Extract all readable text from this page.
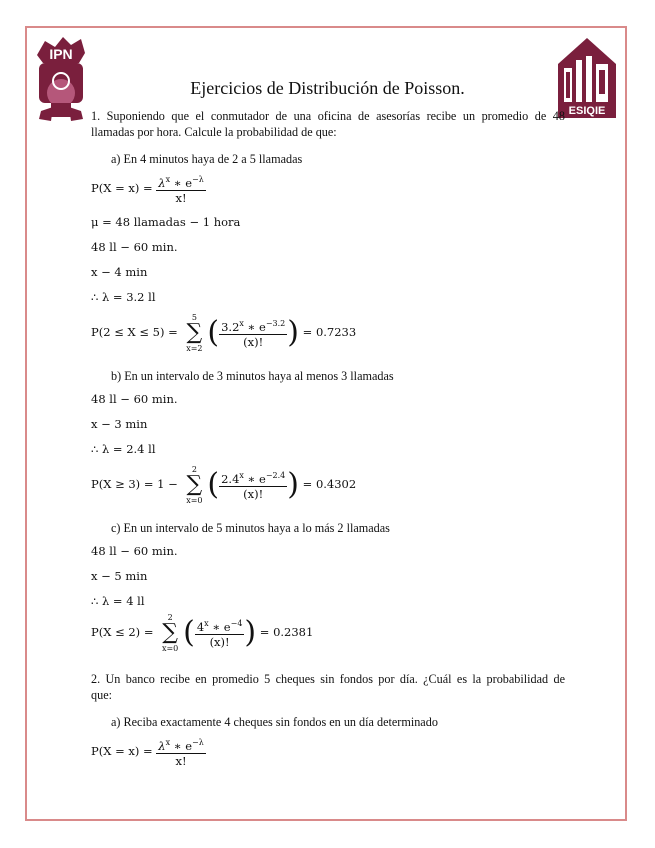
IPN
ESIQIE
Ejercicios de Distribución de Poisson.
1. Suponiendo que el conmutador de una oficina de asesorías recibe un promedio de 48
llamadas por hora. Calcule la probabilidad de que:
a) En 4 minutos haya de 2 a 5 llamadas
$P(X = x) = \frac{\lambda^x ∗ e^{-\lambda}}{x!}$
μ = 48 llamadas − 1 hora
48 ll − 60 min.
x − 4 min
∴ λ = 3.2 ll
P(2 ≤ X ≤ 5) =
5
∑
x=2 ( $\frac{3.2^x ∗ e^{-3.2}}{(x)!}$ ) = 0.7233
b) En un intervalo de 3 minutos haya al menos 3 llamadas
48 ll − 60 min.
x − 3 min
∴ λ = 2.4 ll
P(X ≥ 3) = 1 −
2
∑
x=0 ( $\frac{2.4^x ∗ e^{-2.4}}{(x)!}$ ) = 0.4302
c) En un intervalo de 5 minutos haya a lo más 2 llamadas
48 ll − 60 min.
x − 5 min
∴ λ = 4 ll
P(X ≤ 2) =
2
∑
x=0 ( $\frac{4^x ∗ e^{-4}}{(x)!}$ ) = 0.2381
2. Un banco recibe en promedio 5 cheques sin fondos por día. ¿Cuál es la probabilidad de
que:
a) Reciba exactamente 4 cheques sin fondos en un día determinado
$P(X = x) = \frac{\lambda^x ∗ e^{-\lambda}}{x!}$
